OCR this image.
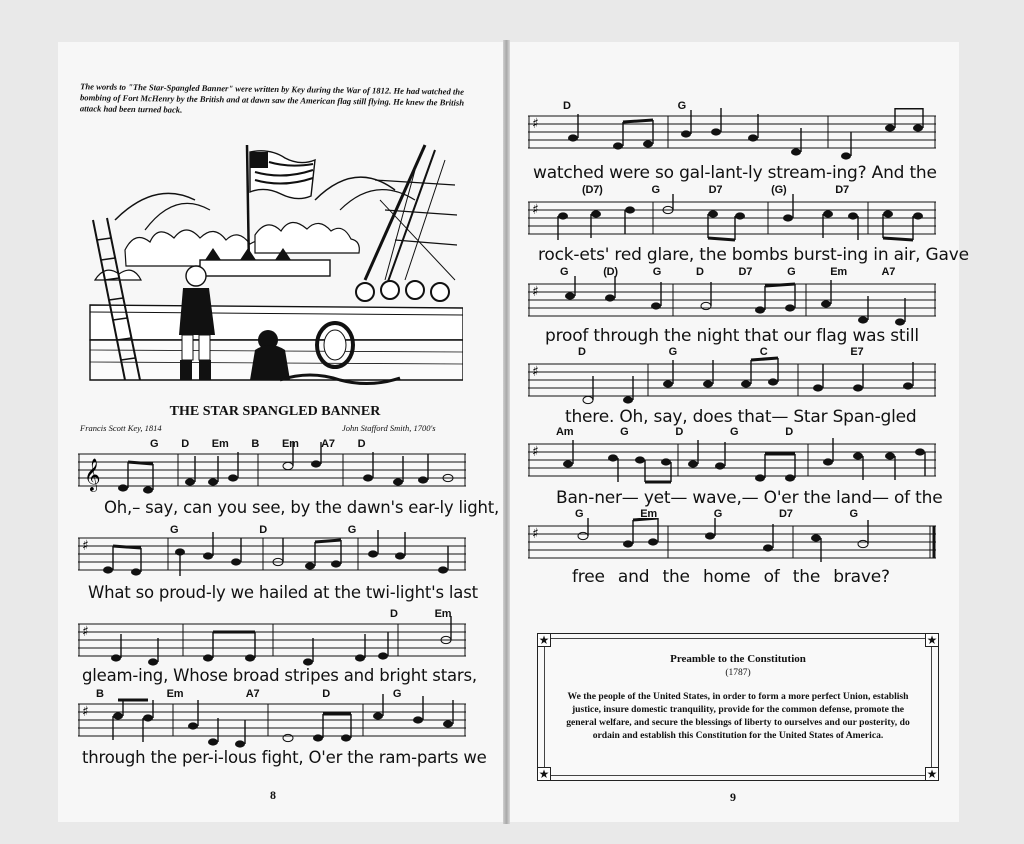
The words to "The Star-Spangled Banner" were written by Key during the War of 1812. He had watched the bombing of Fort McHenry by the British and at dawn saw the American flag still flying. He knew the British attack had been turned back.
THE STAR SPANGLED BANNER
Francis Scott Key, 1814	John Stafford Smith, 1700's
𝄞
Oh,– say, can you see, by the dawn's ear-ly light,
G D Em B Em A7 D
♯
What so proud-ly we hailed at the twi-light's last
G D G
♯
gleam-ing, Whose broad stripes and bright stars,
D Em
♯
through the per-i-lous fight, O'er the ram-parts we
B Em A7 D G
8
♯
watched were so gal-lant-ly stream-ing? And the
D G
♯
rock-ets' red glare, the bombs burst-ing in air, Gave
(D7) G D7 (G) D7
♯
proof through the night that our flag was still
G (D) G D D7 G Em A7
♯
there. Oh, say, does that— Star Span-gled
D G C E7
♯
Ban-ner— yet— wave,— O'er the land— of the
Am G D G D
♯
free and the home of the brave?
G Em G D7 G
Preamble to the Constitution
(1787)
We the people of the United States, in order to form a more perfect Union, establish justice, insure domestic tranquility, provide for the common defense, promote the general welfare, and secure the blessings of liberty to ourselves and our posterity, do ordain and establish this Constitution for the United States of America.
★	★
★	★
9
